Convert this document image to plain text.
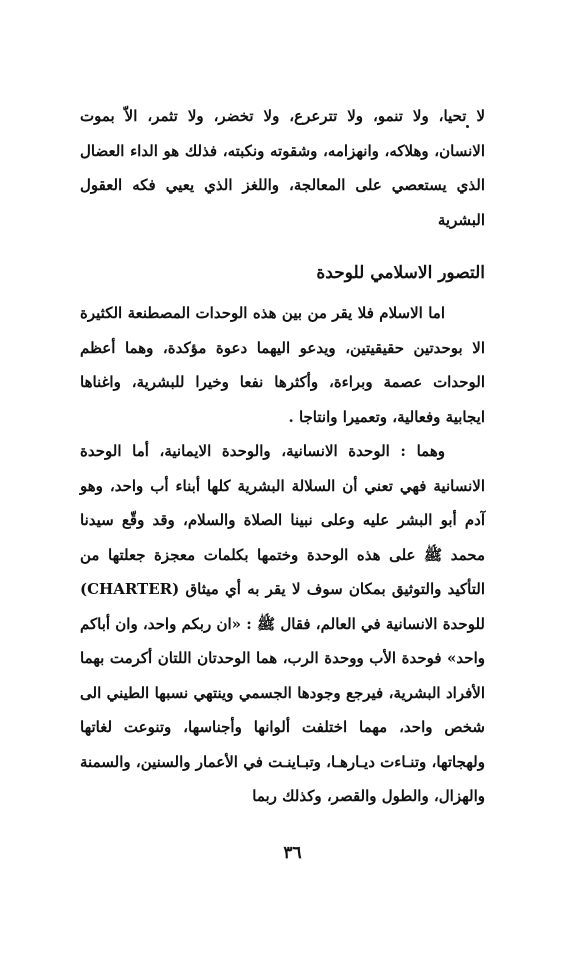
لا تحيا، ولا تنمو، ولا تترعرع، ولا تخضر، ولا تثمر، الاّ بموت الانسان، وهلاكه، وانهزامه، وشقوته ونكبته، فذلك هو الداء العضال الذي يستعصي على المعالجة، واللغز الذي يعيي فكه العقول البشرية

التصور الاسلامي للوحدة

اما الاسلام فلا يقر من بين هذه الوحدات المصطنعة الكثيرة الا بوحدتين حقيقيتين، ويدعو اليهما دعوة مؤكدة، وهما أعظم الوحدات عصمة وبراءة، وأكثرها نفعا وخيرا للبشرية، واغناها ايجابية وفعالية، وتعميرا وانتاجا .

وهما : الوحدة الانسانية، والوحدة الايمانية، أما الوحدة الانسانية فهي تعني أن السلالة البشرية كلها أبناء أب واحد، وهو آدم أبو البشر عليه وعلى نبينا الصلاة والسلام، وقد وقّع سيدنا محمد ﷺ على هذه الوحدة وختمها بكلمات معجزة جعلتها من التأكيد والتوثيق بمكان سوف لا يقر به أي ميثاق (CHARTER) للوحدة الانسانية في العالم، فقال ﷺ : «ان ربكم واحد، وان أباكم واحد» فوحدة الأب ووحدة الرب، هما الوحدتان اللتان أكرمت بهما الأفراد البشرية، فيرجع وجودها الجسمي وينتهي نسبها الطيني الى شخص واحد، مهما اختلفت ألوانها وأجناسها، وتنوعت لغاتها ولهجاتها، وتنـاءت ديـارهـا، وتبـاينـت في الأعمار والسنين، والسمنة والهزال، والطول والقصر، وكذلك ربما

٣٦
